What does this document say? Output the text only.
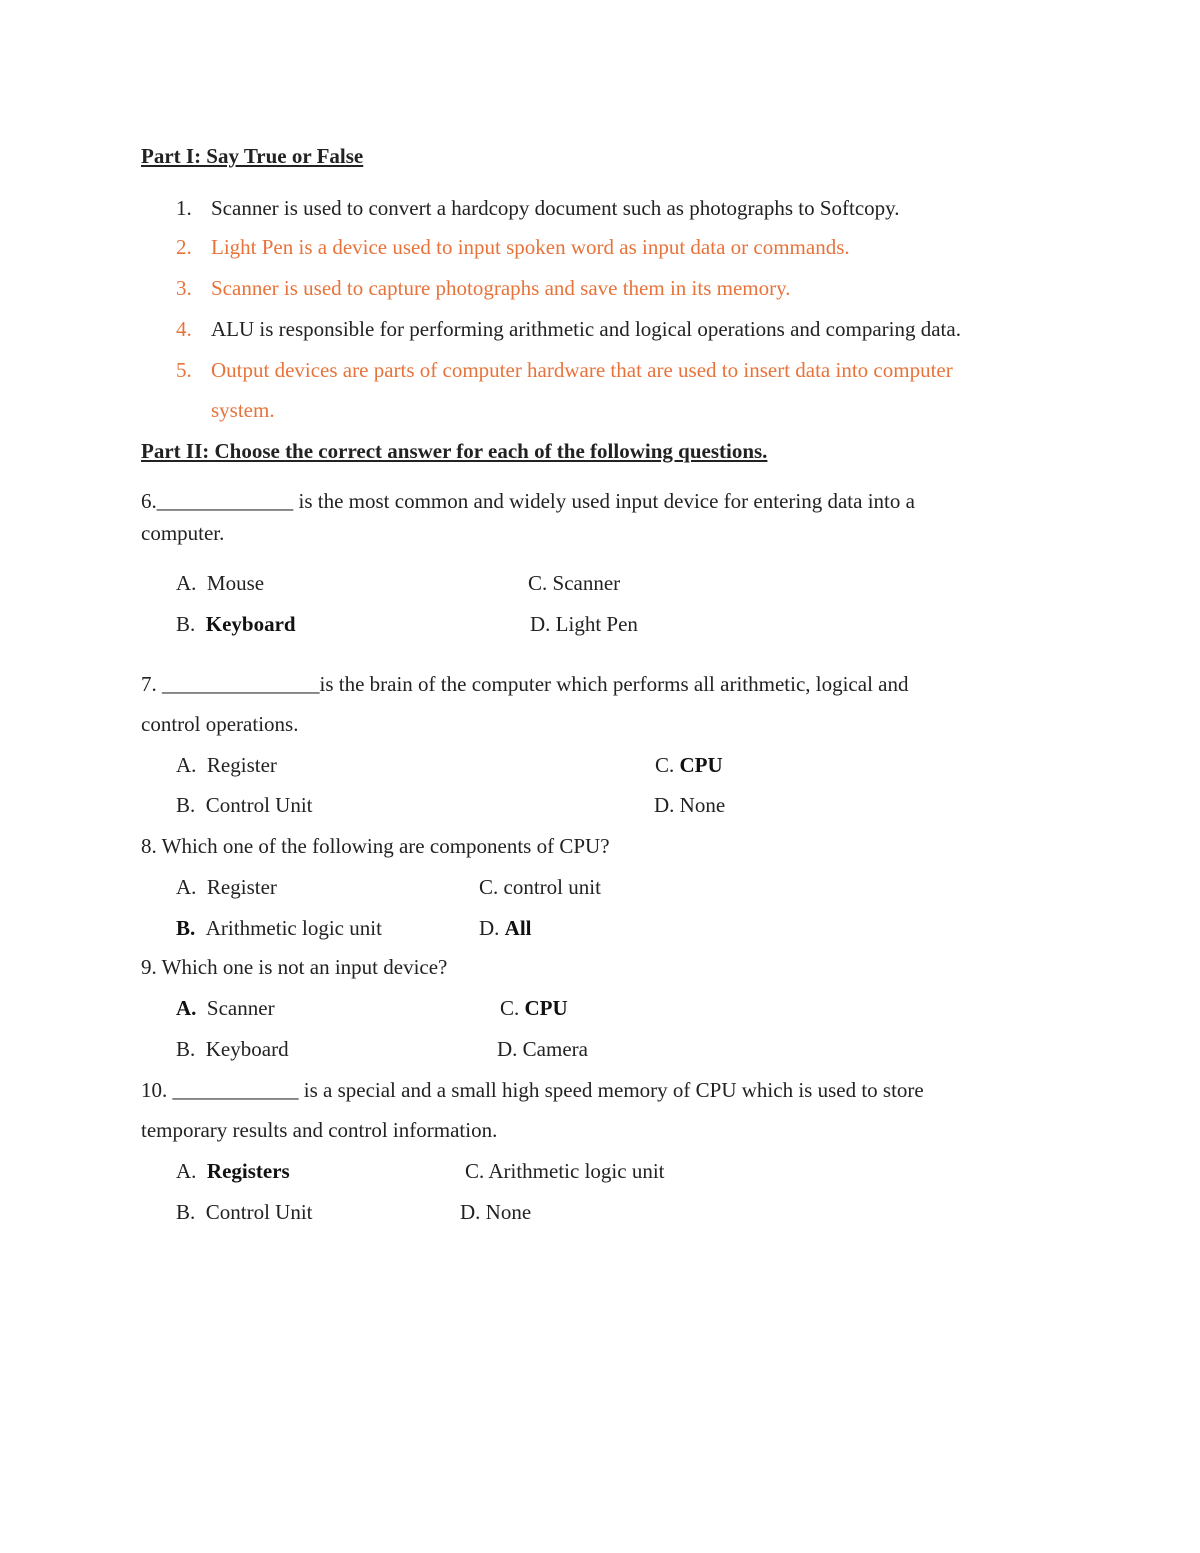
Part I: Say True or False
1. Scanner is used to convert a hardcopy document such as photographs to Softcopy.
2. Light Pen is a device used to input spoken word as input data or commands.
3. Scanner is used to capture photographs and save them in its memory.
4. ALU is responsible for performing arithmetic and logical operations and comparing data.
5. Output devices are parts of computer hardware that are used to insert data into computer
system.
Part II: Choose the correct answer for each of the following questions.
6._____________ is the most common and widely used input device for entering data into a
computer.
A. Mouse
B. Keyboard
C. Scanner
D. Light Pen
7. _______________is the brain of the computer which performs all arithmetic, logical and
control operations.
A. Register
B. Control Unit
C. CPU
D. None
8. Which one of the following are components of CPU?
A. Register
B. Arithmetic logic unit
C. control unit
D. All
9. Which one is not an input device?
A. Scanner
B. Keyboard
C. CPU
D. Camera
10. ____________ is a special and a small high speed memory of CPU which is used to store
temporary results and control information.
A. Registers
B. Control Unit
C. Arithmetic logic unit
D. None
